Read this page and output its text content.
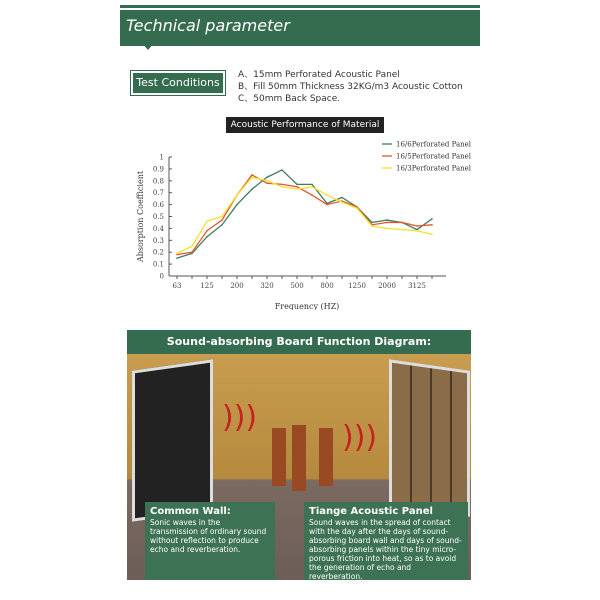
Technical parameter
Test Conditions
A、15mm Perforated Acoustic Panel
B、Fill 50mm Thickness 32KG/m3 Acoustic Cotton
C、50mm Back Space.
Acoustic Performance of Material
0
0.1
0.2
0.3
0.4
0.5
0.6
0.7
0.8
0.9
1
63	125 200 320 500 800 1250 2000 3125
Frequency (HZ)
Absorption Coefficient
16/6Perforated Panel
16/5Perforated Panel
16/3Perforated Panel
Sound-absorbing Board Function Diagram:
)))
)))
Common Wall:
Sonic waves in the transmission of ordinary sound without reflection to produce echo and reverberation.
Tiange Acoustic Panel
Sound waves in the spread of contact with the day after the days of sound-absorbing board wall and days of sound-absorbing panels within the tiny micro-porous friction into heat, so as to avoid the generation of echo and reverberation.
